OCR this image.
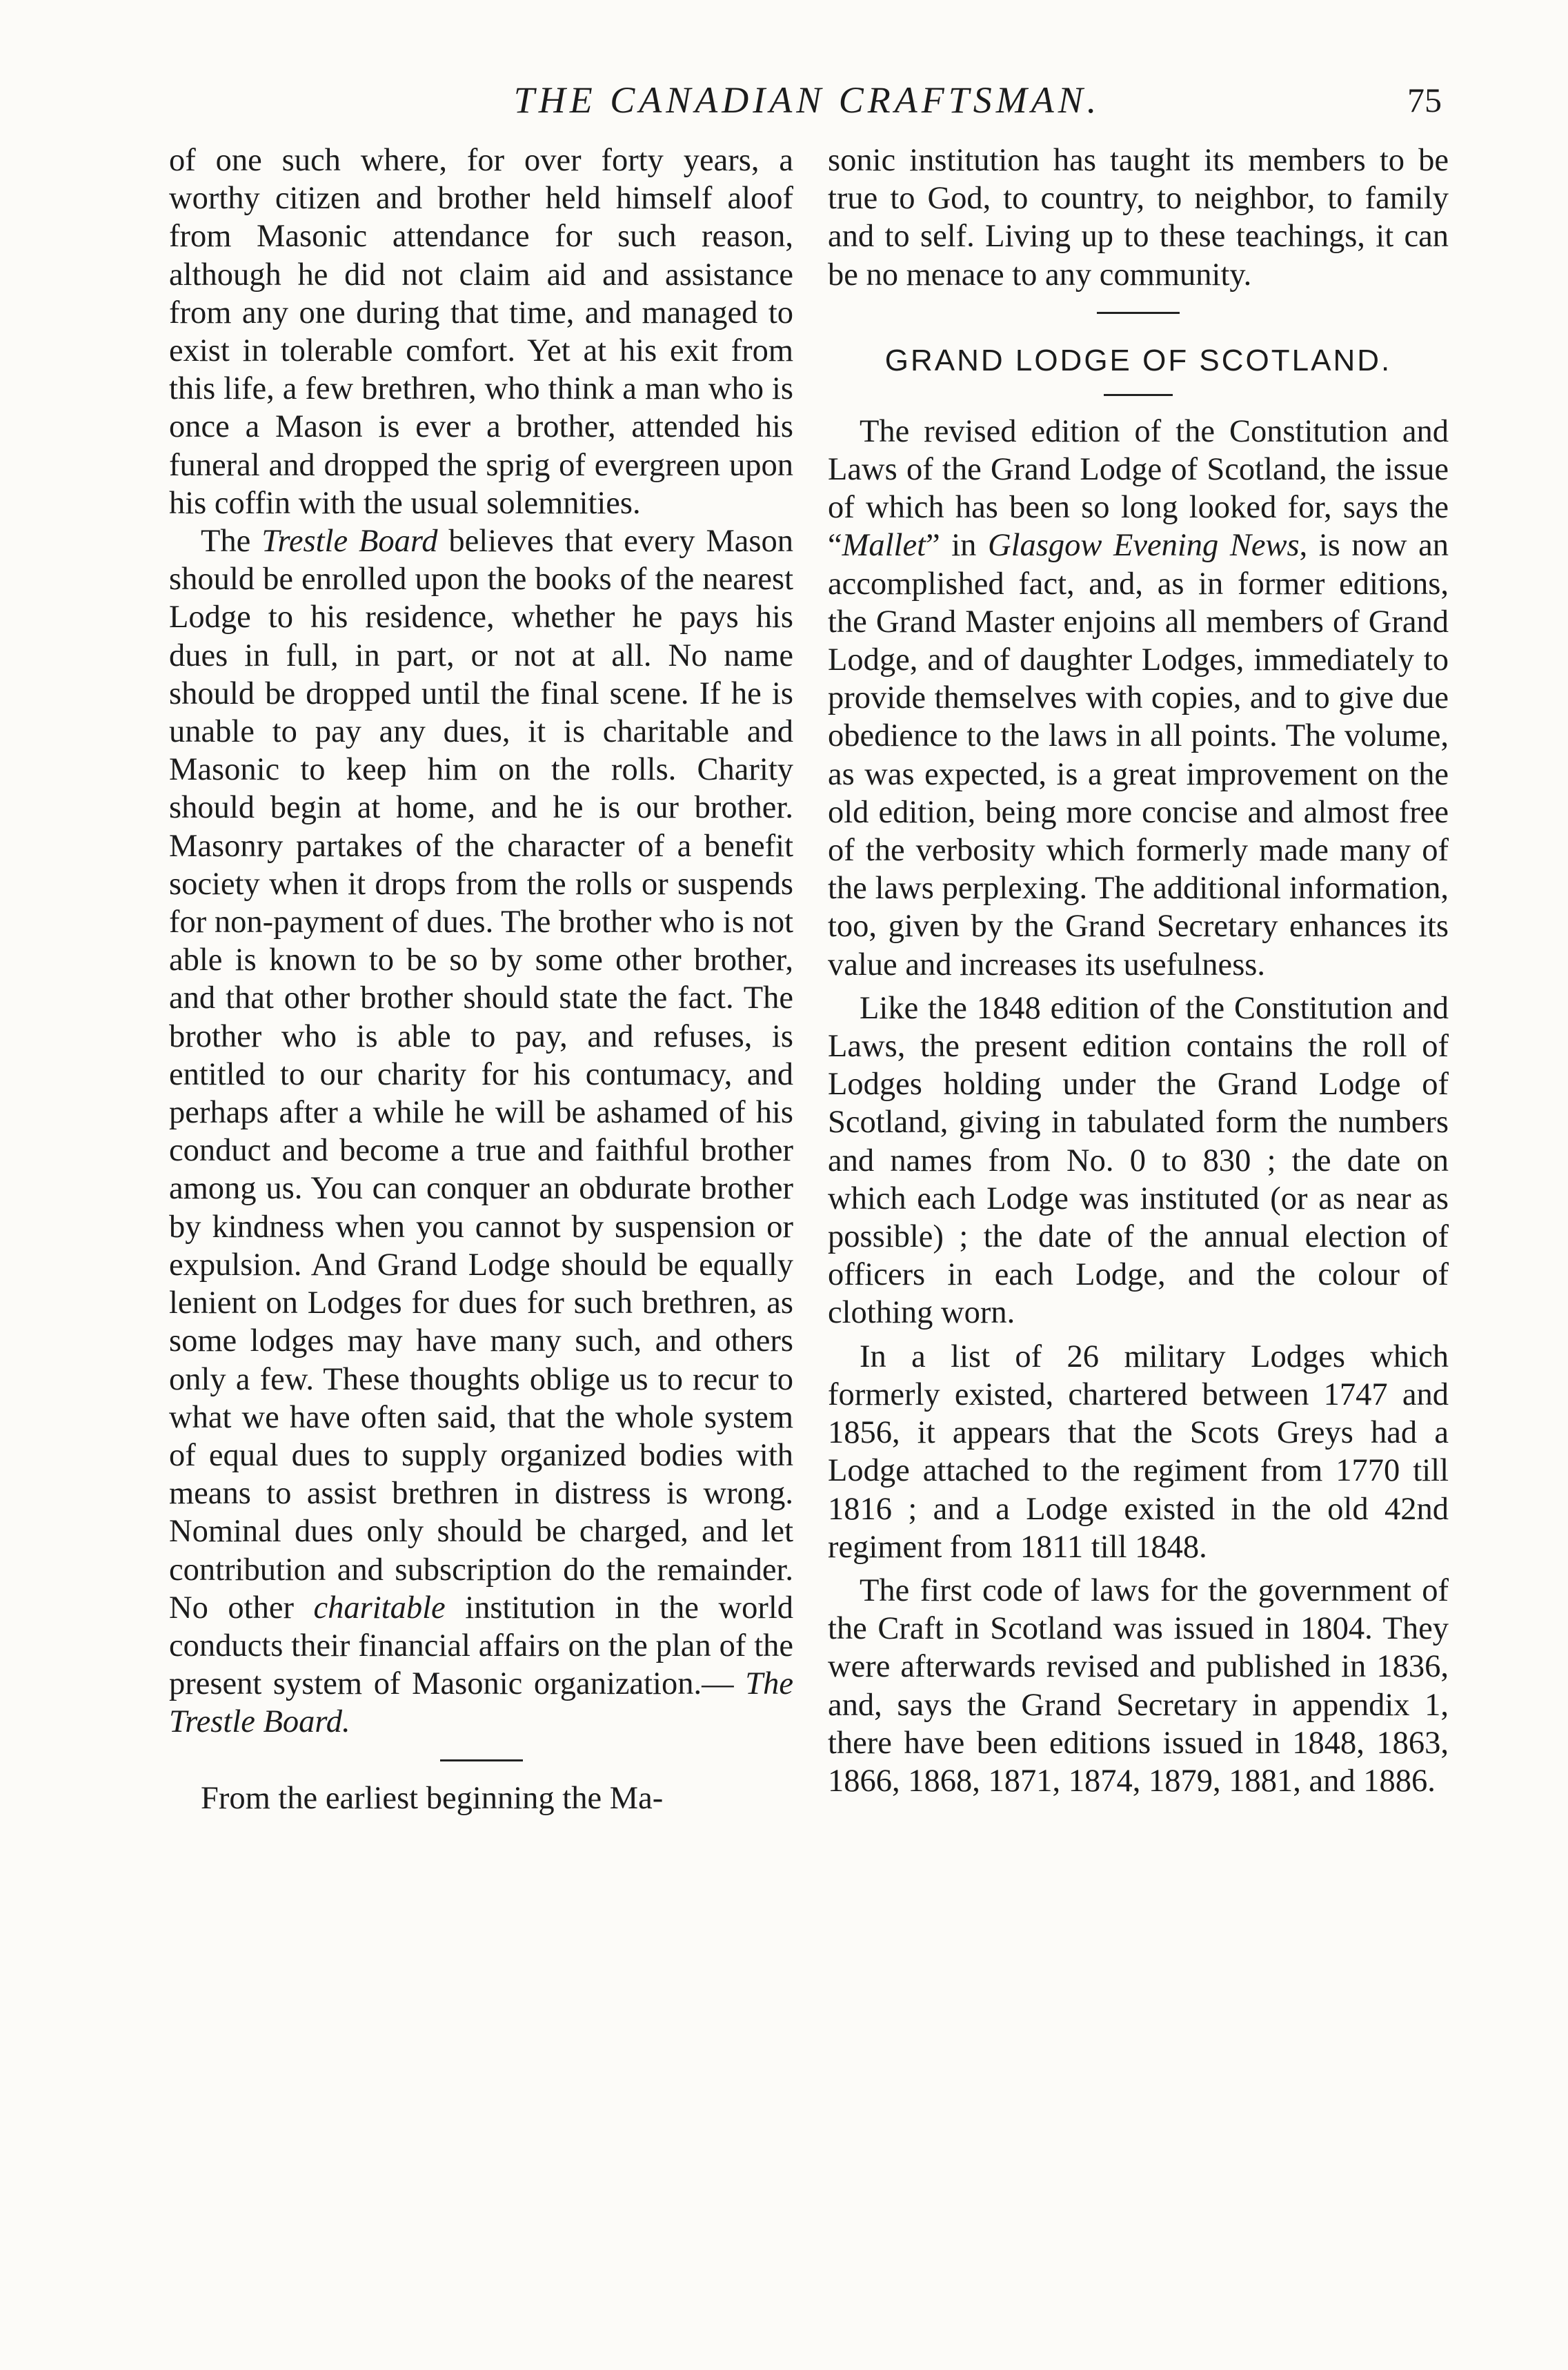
THE CANADIAN CRAFTSMAN.	75

of one such where, for over forty years, a worthy citizen and brother held himself aloof from Masonic attendance for such reason, although he did not claim aid and assistance from any one during that time, and managed to exist in tolerable comfort. Yet at his exit from this life, a few brethren, who think a man who is once a Mason is ever a brother, attended his funeral and dropped the sprig of evergreen upon his coffin with the usual solemnities.

The Trestle Board believes that every Mason should be enrolled upon the books of the nearest Lodge to his residence, whether he pays his dues in full, in part, or not at all. No name should be dropped until the final scene. If he is unable to pay any dues, it is charitable and Masonic to keep him on the rolls. Charity should begin at home, and he is our brother. Masonry partakes of the character of a benefit society when it drops from the rolls or suspends for non-payment of dues. The brother who is not able is known to be so by some other brother, and that other brother should state the fact. The brother who is able to pay, and refuses, is entitled to our charity for his contumacy, and perhaps after a while he will be ashamed of his conduct and become a true and faithful brother among us. You can conquer an obdurate brother by kindness when you cannot by suspension or expulsion. And Grand Lodge should be equally lenient on Lodges for dues for such brethren, as some lodges may have many such, and others only a few. These thoughts oblige us to recur to what we have often said, that the whole system of equal dues to supply organized bodies with means to assist brethren in distress is wrong. Nominal dues only should be charged, and let contribution and subscription do the remainder. No other charitable institution in the world conducts their financial affairs on the plan of the present system of Masonic organization.— The Trestle Board.

From the earliest beginning the Ma-

sonic institution has taught its members to be true to God, to country, to neighbor, to family and to self. Living up to these teachings, it can be no menace to any community.

GRAND LODGE OF SCOTLAND.

The revised edition of the Constitution and Laws of the Grand Lodge of Scotland, the issue of which has been so long looked for, says the “Mallet” in Glasgow Evening News, is now an accomplished fact, and, as in former editions, the Grand Master enjoins all members of Grand Lodge, and of daughter Lodges, immediately to provide themselves with copies, and to give due obedience to the laws in all points. The volume, as was expected, is a great improvement on the old edition, being more concise and almost free of the verbosity which formerly made many of the laws perplexing. The additional information, too, given by the Grand Secretary enhances its value and increases its usefulness.

Like the 1848 edition of the Constitution and Laws, the present edition contains the roll of Lodges holding under the Grand Lodge of Scotland, giving in tabulated form the numbers and names from No. 0 to 830 ; the date on which each Lodge was instituted (or as near as possible) ; the date of the annual election of officers in each Lodge, and the colour of clothing worn.

In a list of 26 military Lodges which formerly existed, chartered between 1747 and 1856, it appears that the Scots Greys had a Lodge attached to the regiment from 1770 till 1816 ; and a Lodge existed in the old 42nd regiment from 1811 till 1848.

The first code of laws for the government of the Craft in Scotland was issued in 1804. They were afterwards revised and published in 1836, and, says the Grand Secretary in appendix 1, there have been editions issued in 1848, 1863, 1866, 1868, 1871, 1874, 1879, 1881, and 1886.
